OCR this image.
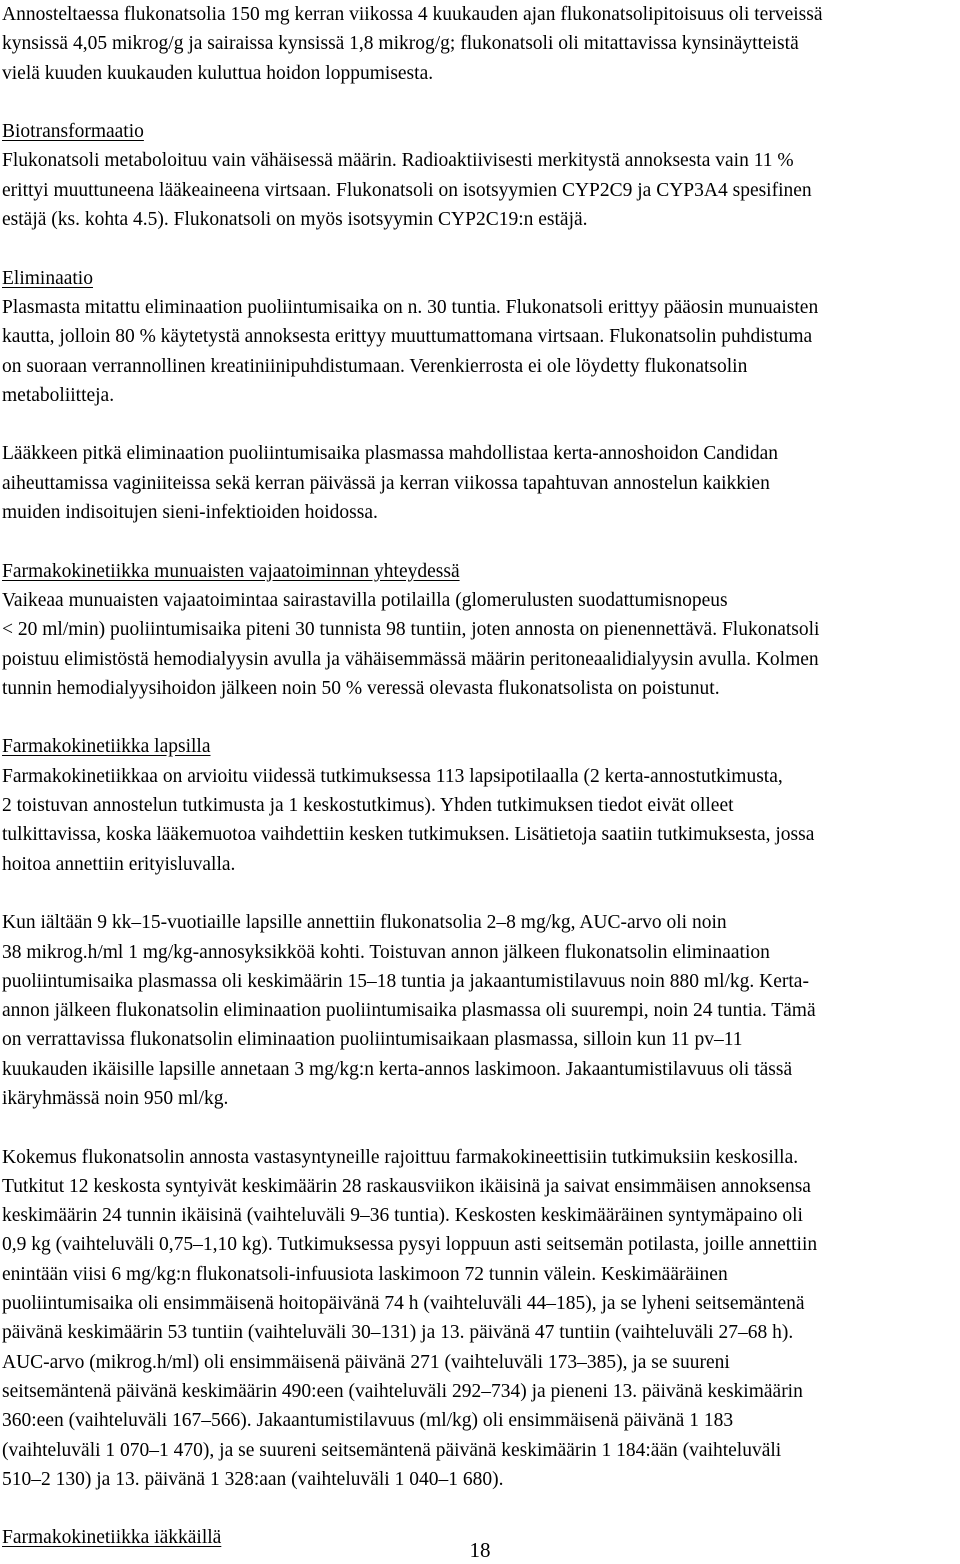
Annosteltaessa flukonatsolia 150 mg kerran viikossa 4 kuukauden ajan flukonatsolipitoisuus oli terveissä
kynsissä 4,05 mikrog/g ja sairaissa kynsissä 1,8 mikrog/g; flukonatsoli oli mitattavissa kynsinäytteistä
vielä kuuden kuukauden kuluttua hoidon loppumisesta.
Biotransformaatio
Flukonatsoli metaboloituu vain vähäisessä määrin. Radioaktiivisesti merkitystä annoksesta vain 11 %
erittyi muuttuneena lääkeaineena virtsaan. Flukonatsoli on isotsyymien CYP2C9 ja CYP3A4 spesifinen
estäjä (ks. kohta 4.5). Flukonatsoli on myös isotsyymin CYP2C19:n estäjä.
Eliminaatio
Plasmasta mitattu eliminaation puoliintumisaika on n. 30 tuntia. Flukonatsoli erittyy pääosin munuaisten
kautta, jolloin 80 % käytetystä annoksesta erittyy muuttumattomana virtsaan. Flukonatsolin puhdistuma
on suoraan verrannollinen kreatiniinipuhdistumaan. Verenkierrosta ei ole löydetty flukonatsolin
metaboliitteja.
Lääkkeen pitkä eliminaation puoliintumisaika plasmassa mahdollistaa kerta-annoshoidon Candidan
aiheuttamissa vaginiiteissa sekä kerran päivässä ja kerran viikossa tapahtuvan annostelun kaikkien
muiden indisoitujen sieni-infektioiden hoidossa.
Farmakokinetiikka munuaisten vajaatoiminnan yhteydessä
Vaikeaa munuaisten vajaatoimintaa sairastavilla potilailla (glomerulusten suodattumisnopeus
< 20 ml/min) puoliintumisaika piteni 30 tunnista 98 tuntiin, joten annosta on pienennettävä. Flukonatsoli
poistuu elimistöstä hemodialyysin avulla ja vähäisemmässä määrin peritoneaalidialyysin avulla. Kolmen
tunnin hemodialyysihoidon jälkeen noin 50 % veressä olevasta flukonatsolista on poistunut.
Farmakokinetiikka lapsilla
Farmakokinetiikkaa on arvioitu viidessä tutkimuksessa 113 lapsipotilaalla (2 kerta-annostutkimusta,
2 toistuvan annostelun tutkimusta ja 1 keskostutkimus). Yhden tutkimuksen tiedot eivät olleet
tulkittavissa, koska lääkemuotoa vaihdettiin kesken tutkimuksen. Lisätietoja saatiin tutkimuksesta, jossa
hoitoa annettiin erityisluvalla.
Kun iältään 9 kk–15-vuotiaille lapsille annettiin flukonatsolia 2–8 mg/kg, AUC-arvo oli noin
38 mikrog.h/ml 1 mg/kg-annosyksikköä kohti. Toistuvan annon jälkeen flukonatsolin eliminaation
puoliintumisaika plasmassa oli keskimäärin 15–18 tuntia ja jakaantumistilavuus noin 880 ml/kg. Kerta-
annon jälkeen flukonatsolin eliminaation puoliintumisaika plasmassa oli suurempi, noin 24 tuntia. Tämä
on verrattavissa flukonatsolin eliminaation puoliintumisaikaan plasmassa, silloin kun 11 pv–11
kuukauden ikäisille lapsille annetaan 3 mg/kg:n kerta-annos laskimoon. Jakaantumistilavuus oli tässä
ikäryhmässä noin 950 ml/kg.
Kokemus flukonatsolin annosta vastasyntyneille rajoittuu farmakokineettisiin tutkimuksiin keskosilla.
Tutkitut 12 keskosta syntyivät keskimäärin 28 raskausviikon ikäisinä ja saivat ensimmäisen annoksensa
keskimäärin 24 tunnin ikäisinä (vaihteluväli 9–36 tuntia). Keskosten keskimääräinen syntymäpaino oli
0,9 kg (vaihteluväli 0,75–1,10 kg). Tutkimuksessa pysyi loppuun asti seitsemän potilasta, joille annettiin
enintään viisi 6 mg/kg:n flukonatsoli-infuusiota laskimoon 72 tunnin välein. Keskimääräinen
puoliintumisaika oli ensimmäisenä hoitopäivänä 74 h (vaihteluväli 44–185), ja se lyheni seitsemäntenä
päivänä keskimäärin 53 tuntiin (vaihteluväli 30–131) ja 13. päivänä 47 tuntiin (vaihteluväli 27–68 h).
AUC-arvo (mikrog.h/ml) oli ensimmäisenä päivänä 271 (vaihteluväli 173–385), ja se suureni
seitsemäntenä päivänä keskimäärin 490:een (vaihteluväli 292–734) ja pieneni 13. päivänä keskimäärin
360:een (vaihteluväli 167–566). Jakaantumistilavuus (ml/kg) oli ensimmäisenä päivänä 1 183
(vaihteluväli 1 070–1 470), ja se suureni seitsemäntenä päivänä keskimäärin 1 184:ään (vaihteluväli
510–2 130) ja 13. päivänä 1 328:aan (vaihteluväli 1 040–1 680).
Farmakokinetiikka iäkkäillä
18
